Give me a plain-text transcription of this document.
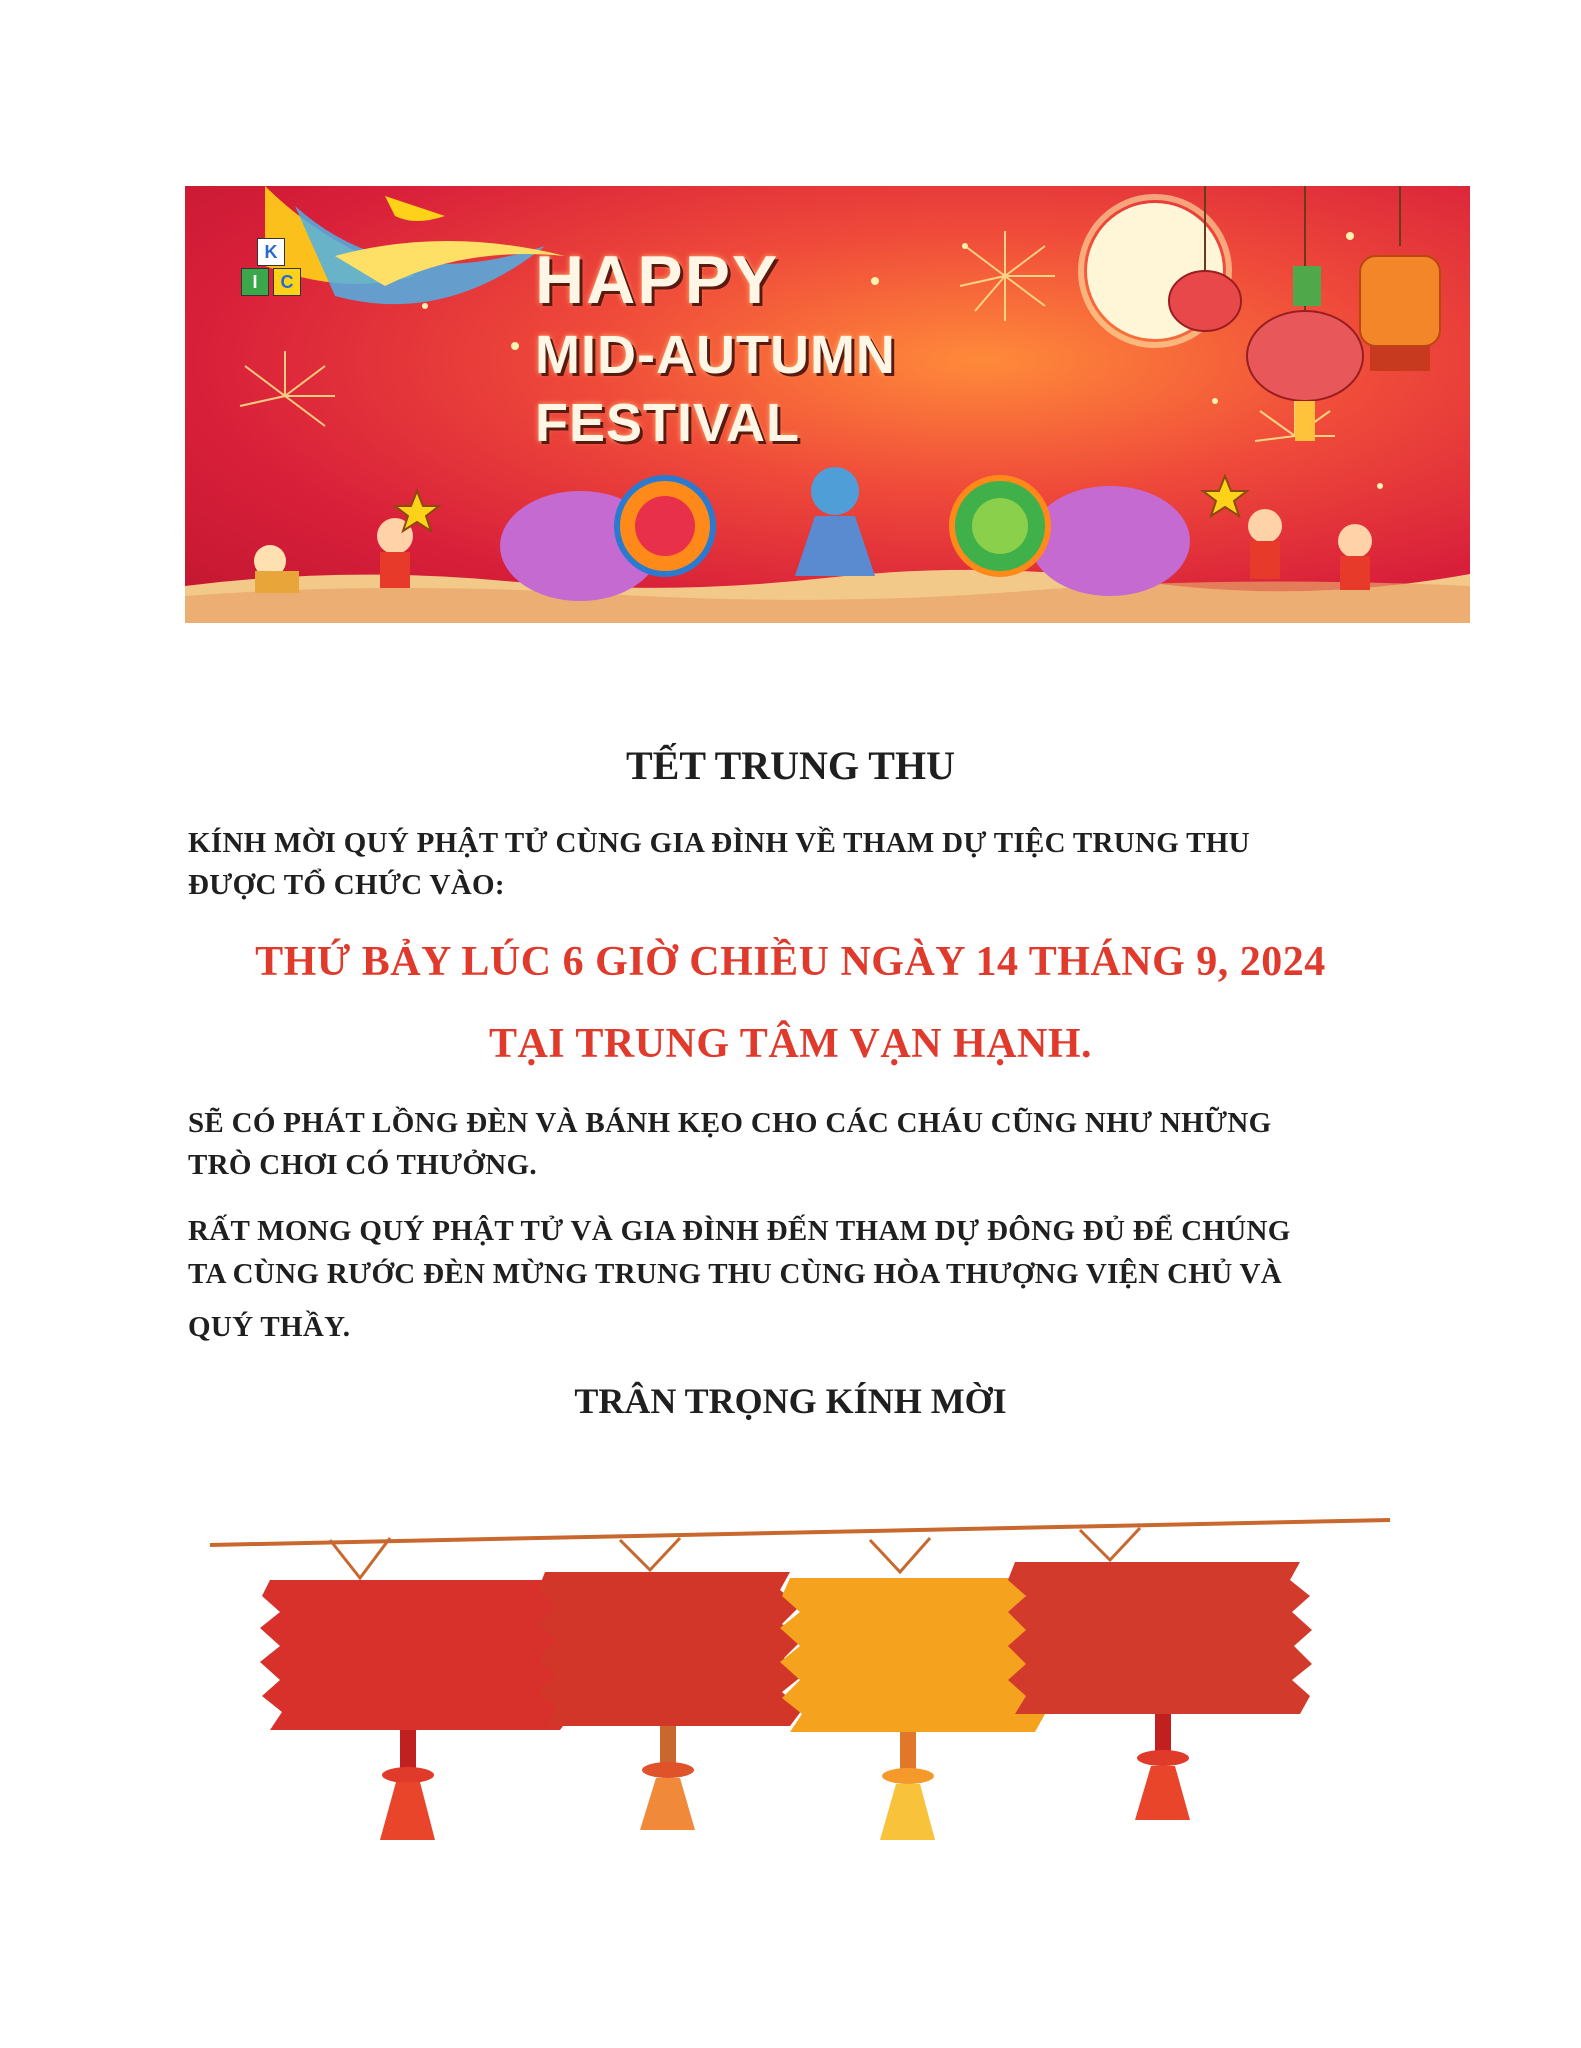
K
I	C	HAPPY
MID-AUTUMN
FESTIVAL
TẾT TRUNG THU

KÍNH MỜI QUÝ PHẬT TỬ CÙNG GIA ĐÌNH VỀ THAM DỰ TIỆC TRUNG THU

ĐƯỢC TỔ CHỨC VÀO:

THỨ BẢY LÚC 6 GIỜ CHIỀU NGÀY 14 THÁNG 9, 2024

TẠI TRUNG TÂM VẠN HẠNH.

SẼ CÓ PHÁT LỒNG ĐÈN VÀ BÁNH KẸO CHO CÁC CHÁU CŨNG NHƯ NHỮNG

TRÒ CHƠI CÓ THƯỞNG.

RẤT MONG QUÝ PHẬT TỬ VÀ GIA ĐÌNH ĐẾN THAM DỰ ĐÔNG ĐỦ ĐỂ CHÚNG

TA CÙNG RƯỚC ĐÈN MỪNG TRUNG THU CÙNG HÒA THƯỢNG VIỆN CHỦ VÀ

QUÝ THẦY.

TRÂN TRỌNG KÍNH MỜI
